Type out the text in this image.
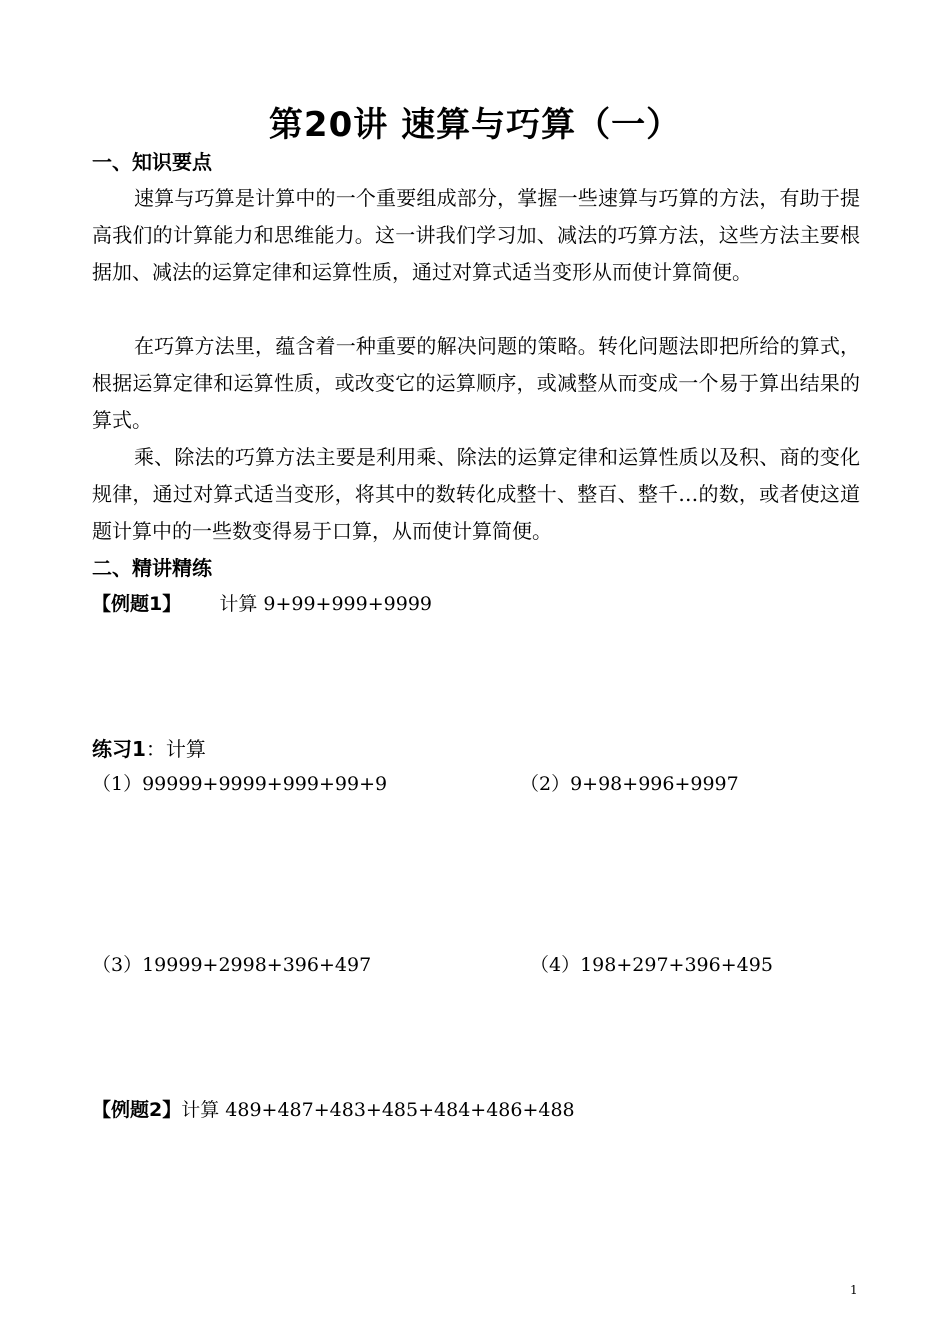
第20讲 速算与巧算（一）
一、知识要点

速算与巧算是计算中的一个重要组成部分，掌握一些速算与巧算的方法，有助于提高我们的计算能力和思维能力。这一讲我们学习加、减法的巧算方法，这些方法主要根据加、减法的运算定律和运算性质，通过对算式适当变形从而使计算简便。

在巧算方法里，蕴含着一种重要的解决问题的策略。转化问题法即把所给的算式，根据运算定律和运算性质，或改变它的运算顺序，或减整从而变成一个易于算出结果的算式。

乘、除法的巧算方法主要是利用乘、除法的运算定律和运算性质以及积、商的变化规律，通过对算式适当变形，将其中的数转化成整十、整百、整千…的数，或者使这道题计算中的一些数变得易于口算，从而使计算简便。

二、精讲精练
【例题1】 计算 9+99+999+9999
练习1：计算
（1）99999+9999+999+99+9	（2）9+98+996+9997
（3）19999+2998+396+497	（4）198+297+396+495
【例题2】计算 489+487+483+485+484+486+488
1
